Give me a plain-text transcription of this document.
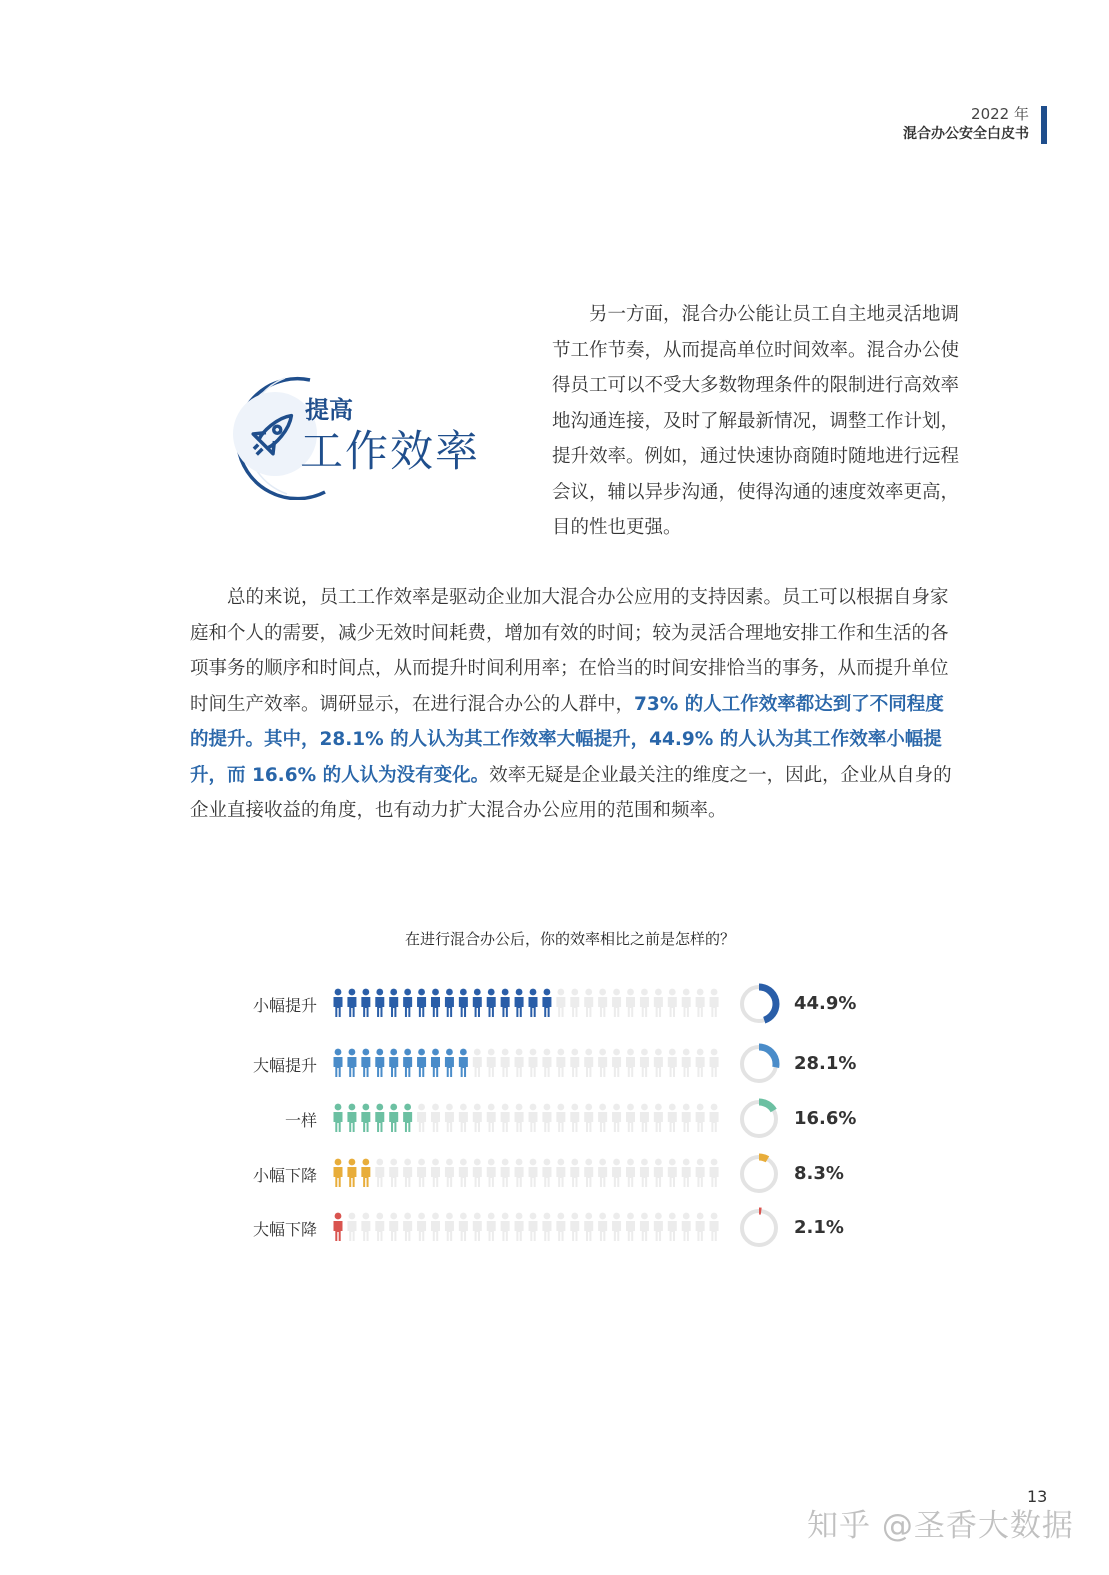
2022 年
混合办公安全白皮书
提高
工作效率

另一方面，混合办公能让员工自主地灵活地调节工作节奏，从而提高单位时间效率。混合办公使得员工可以不受大多数物理条件的限制进行高效率地沟通连接，及时了解最新情况，调整工作计划，提升效率。例如，通过快速协商随时随地进行远程会议，辅以异步沟通，使得沟通的速度效率更高，目的性也更强。

总的来说，员工工作效率是驱动企业加大混合办公应用的支持因素。员工可以根据自身家庭和个人的需要，减少无效时间耗费，增加有效的时间；较为灵活合理地安排工作和生活的各项事务的顺序和时间点，从而提升时间利用率；在恰当的时间安排恰当的事务，从而提升单位时间生产效率。调研显示，在进行混合办公的人群中，73% 的人工作效率都达到了不同程度的提升。其中，28.1% 的人认为其工作效率大幅提升，44.9% 的人认为其工作效率小幅提升，而 16.6% 的人认为没有变化。效率无疑是企业最关注的维度之一，因此，企业从自身的企业直接收益的角度，也有动力扩大混合办公应用的范围和频率。

在进行混合办公后，你的效率相比之前是怎样的？
小幅提升	44.9%
大幅提升	28.1%
一样	16.6%
小幅下降	8.3%
大幅下降	2.1%
13
知乎 @圣香大数据
